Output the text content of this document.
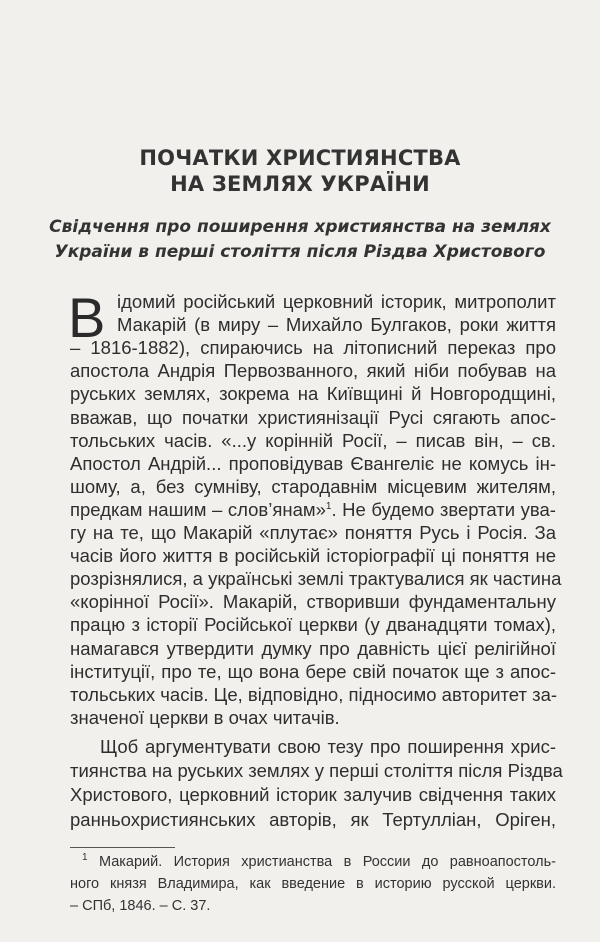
ПОЧАТКИ ХРИСТИЯНСТВА
НА ЗЕМЛЯХ УКРАЇНИ
Свідчення про поширення християнства на землях
України в перші століття після Різдва Христового
В ідомий російський церковний історик, митрополит
Макарій (в миру – Михайло Булгаков, роки життя
– 1816-1882), спираючись на літописний переказ про
апостола Андрія Первозванного, який ніби побував на
руських землях, зокрема на Київщині й Новгородщині,
вважав, що початки християнізації Русі сягають апос-
тольських часів. «...у корінній Росії, – писав він, – св.
Апостол Андрій... проповідував Євангеліє не комусь ін-
шому, а, без сумніву, стародавнім місцевим жителям,
предкам нашим – слов’янам»$^1$. Не будемо звертати ува-
гу на те, що Макарій «плутає» поняття Русь і Росія. За
часів його життя в російській історіографії ці поняття не
розрізнялися, а українські землі трактувалися як частина
«корінної Росії». Макарій, створивши фундаментальну
працю з історії Російської церкви (у дванадцяти томах),
намагався утвердити думку про давність цієї релігійної
інституції, про те, що вона бере свій початок ще з апос-
тольських часів. Це, відповідно, підносимо авторитет за-
значеної церкви в очах читачів.
Щоб аргументувати свою тезу про поширення хрис-
тиянства на руських землях у перші століття після Різдва
Христового, церковний історик залучив свідчення таких
ранньохристиянських авторів, як Тертулліан, Оріген,
$^1$ Макарий. История христианства в России до равноапостоль-
ного князя Владимира, как введение в историю русской церкви.
– СПб, 1846. – С. 37.
